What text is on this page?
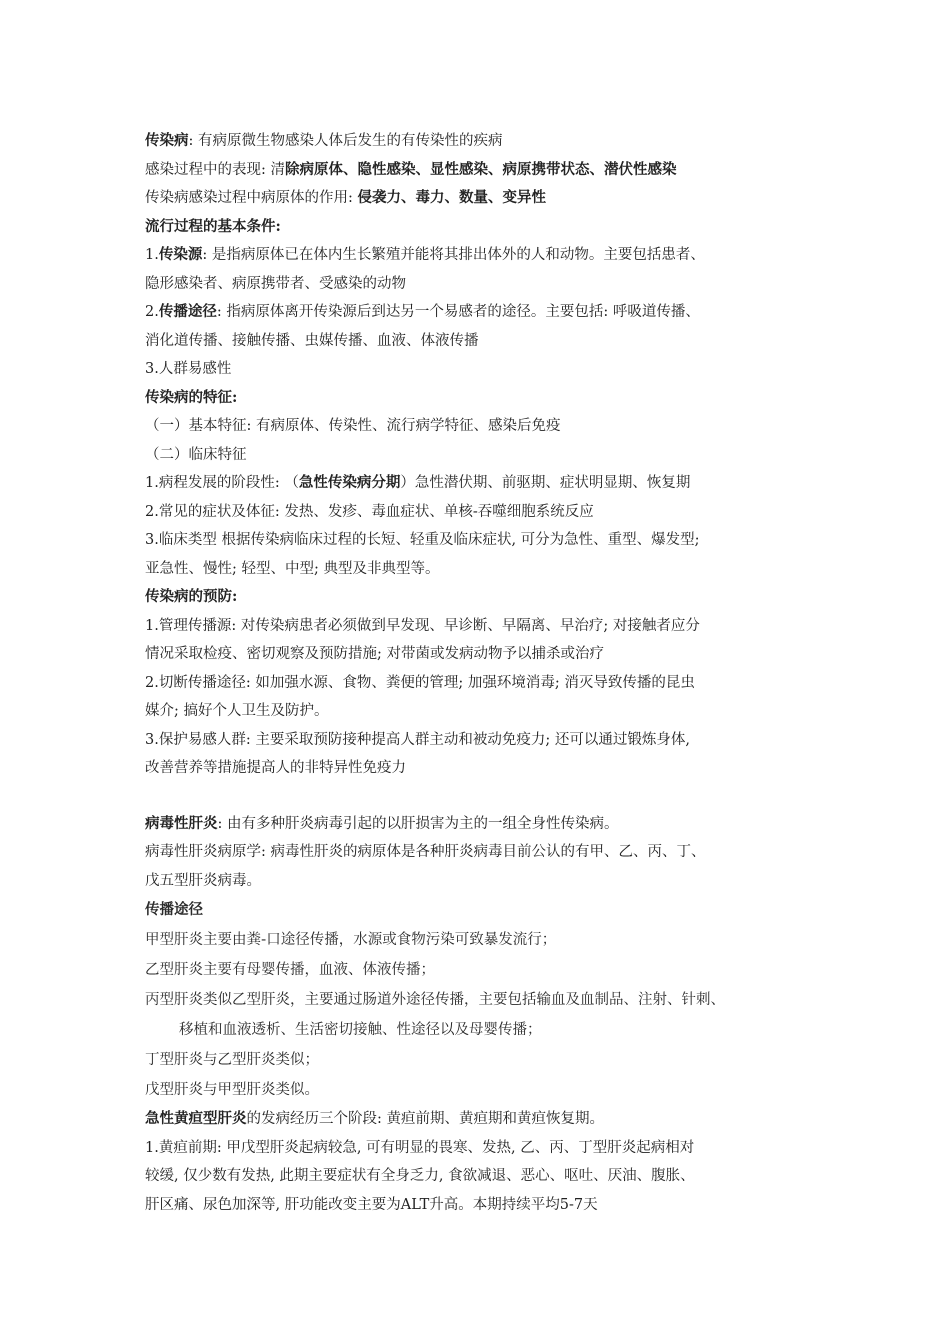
传染病: 有病原微生物感染人体后发生的有传染性的疾病
感染过程中的表现: 清除病原体、隐性感染、显性感染、病原携带状态、潜伏性感染
传染病感染过程中病原体的作用: 侵袭力、毒力、数量、变异性
流行过程的基本条件:
1.传染源: 是指病原体已在体内生长繁殖并能将其排出体外的人和动物。主要包括患者、
隐形感染者、病原携带者、受感染的动物
2.传播途径: 指病原体离开传染源后到达另一个易感者的途径。主要包括: 呼吸道传播、
消化道传播、接触传播、虫媒传播、血液、体液传播
3.人群易感性
传染病的特征:
（一）基本特征: 有病原体、传染性、流行病学特征、感染后免疫
（二）临床特征
1.病程发展的阶段性: （急性传染病分期）急性潜伏期、前驱期、症状明显期、恢复期
2.常见的症状及体征: 发热、发疹、毒血症状、单核-吞噬细胞系统反应
3.临床类型 根据传染病临床过程的长短、轻重及临床症状, 可分为急性、重型、爆发型;
亚急性、慢性; 轻型、中型; 典型及非典型等。
传染病的预防:
1.管理传播源: 对传染病患者必须做到早发现、早诊断、早隔离、早治疗; 对接触者应分
情况采取检疫、密切观察及预防措施; 对带菌或发病动物予以捕杀或治疗
2.切断传播途径: 如加强水源、食物、粪便的管理; 加强环境消毒; 消灭导致传播的昆虫
媒介; 搞好个人卫生及防护。
3.保护易感人群: 主要采取预防接种提高人群主动和被动免疫力; 还可以通过锻炼身体,
改善营养等措施提高人的非特异性免疫力
病毒性肝炎: 由有多种肝炎病毒引起的以肝损害为主的一组全身性传染病。
病毒性肝炎病原学: 病毒性肝炎的病原体是各种肝炎病毒目前公认的有甲、乙、丙、丁、
戊五型肝炎病毒。
传播途径
甲型肝炎主要由粪-口途径传播，水源或食物污染可致暴发流行；
乙型肝炎主要有母婴传播，血液、体液传播；
丙型肝炎类似乙型肝炎，主要通过肠道外途径传播，主要包括输血及血制品、注射、针刺、
移植和血液透析、生活密切接触、性途径以及母婴传播；
丁型肝炎与乙型肝炎类似；
戊型肝炎与甲型肝炎类似。
急性黄疸型肝炎的发病经历三个阶段: 黄疸前期、黄疸期和黄疸恢复期。
1.黄疸前期: 甲戊型肝炎起病较急, 可有明显的畏寒、发热, 乙、丙、丁型肝炎起病相对
较缓, 仅少数有发热, 此期主要症状有全身乏力, 食欲减退、恶心、呕吐、厌油、腹胀、
肝区痛、尿色加深等, 肝功能改变主要为ALT升高。本期持续平均5-7天
